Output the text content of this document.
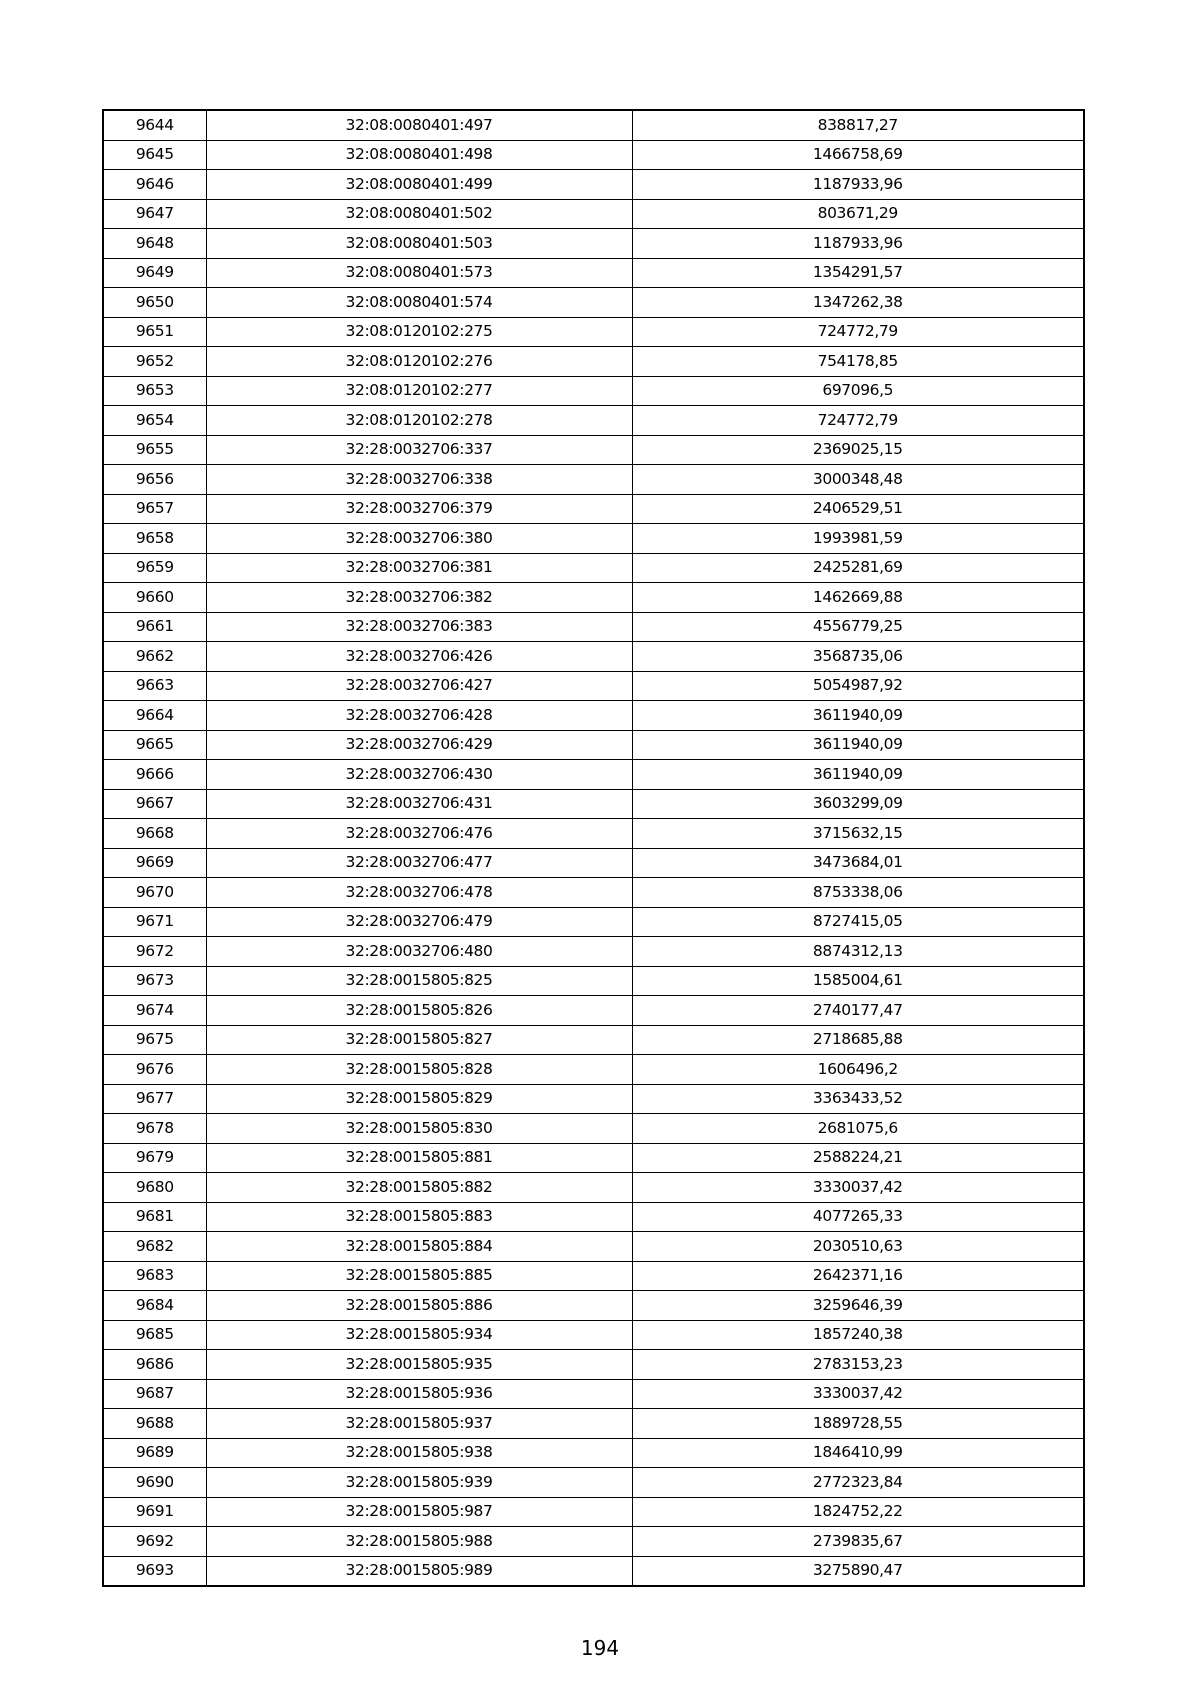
9644	32:08:0080401:497	838817,27
9645	32:08:0080401:498	1466758,69
9646	32:08:0080401:499	1187933,96
9647	32:08:0080401:502	803671,29
9648	32:08:0080401:503	1187933,96
9649	32:08:0080401:573	1354291,57
9650	32:08:0080401:574	1347262,38
9651	32:08:0120102:275	724772,79
9652	32:08:0120102:276	754178,85
9653	32:08:0120102:277	697096,5
9654	32:08:0120102:278	724772,79
9655	32:28:0032706:337	2369025,15
9656	32:28:0032706:338	3000348,48
9657	32:28:0032706:379	2406529,51
9658	32:28:0032706:380	1993981,59
9659	32:28:0032706:381	2425281,69
9660	32:28:0032706:382	1462669,88
9661	32:28:0032706:383	4556779,25
9662	32:28:0032706:426	3568735,06
9663	32:28:0032706:427	5054987,92
9664	32:28:0032706:428	3611940,09
9665	32:28:0032706:429	3611940,09
9666	32:28:0032706:430	3611940,09
9667	32:28:0032706:431	3603299,09
9668	32:28:0032706:476	3715632,15
9669	32:28:0032706:477	3473684,01
9670	32:28:0032706:478	8753338,06
9671	32:28:0032706:479	8727415,05
9672	32:28:0032706:480	8874312,13
9673	32:28:0015805:825	1585004,61
9674	32:28:0015805:826	2740177,47
9675	32:28:0015805:827	2718685,88
9676	32:28:0015805:828	1606496,2
9677	32:28:0015805:829	3363433,52
9678	32:28:0015805:830	2681075,6
9679	32:28:0015805:881	2588224,21
9680	32:28:0015805:882	3330037,42
9681	32:28:0015805:883	4077265,33
9682	32:28:0015805:884	2030510,63
9683	32:28:0015805:885	2642371,16
9684	32:28:0015805:886	3259646,39
9685	32:28:0015805:934	1857240,38
9686	32:28:0015805:935	2783153,23
9687	32:28:0015805:936	3330037,42
9688	32:28:0015805:937	1889728,55
9689	32:28:0015805:938	1846410,99
9690	32:28:0015805:939	2772323,84
9691	32:28:0015805:987	1824752,22
9692	32:28:0015805:988	2739835,67
9693	32:28:0015805:989	3275890,47
194
